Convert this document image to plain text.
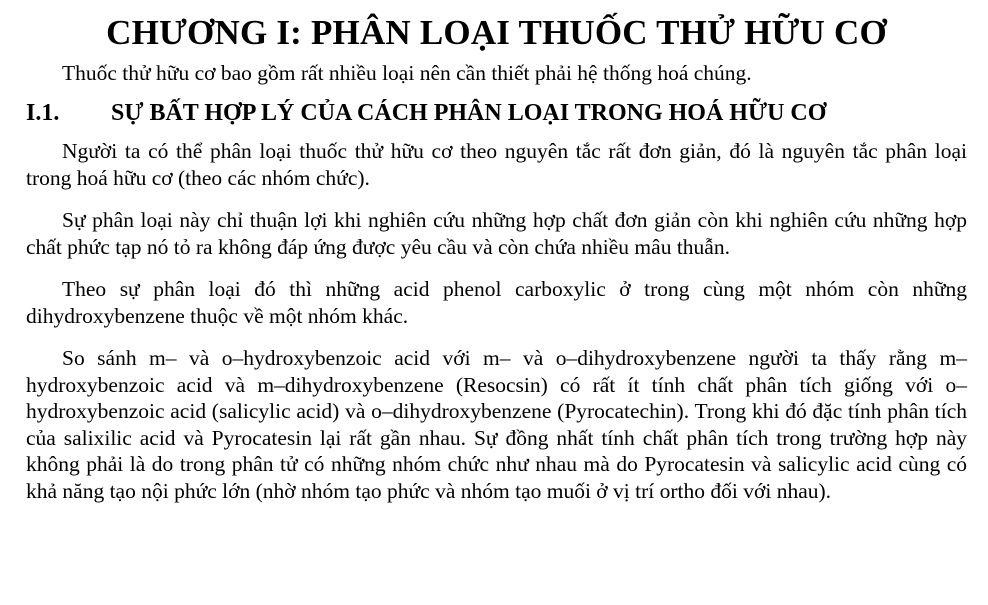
CHƯƠNG I: PHÂN LOẠI THUỐC THỬ HỮU CƠ

Thuốc thử hữu cơ bao gồm rất nhiều loại nên cần thiết phải hệ thống hoá chúng.

I.1.	SỰ BẤT HỢP LÝ CỦA CÁCH PHÂN LOẠI TRONG HOÁ HỮU CƠ

Người ta có thể phân loại thuốc thử hữu cơ theo nguyên tắc rất đơn giản, đó là nguyên tắc phân loại trong hoá hữu cơ (theo các nhóm chức).

Sự phân loại này chỉ thuận lợi khi nghiên cứu những hợp chất đơn giản còn khi nghiên cứu những hợp chất phức tạp nó tỏ ra không đáp ứng được yêu cầu và còn chứa nhiều mâu thuẫn.

Theo sự phân loại đó thì những acid phenol carboxylic ở trong cùng một nhóm còn những dihydroxybenzene thuộc về một nhóm khác.

So sánh m– và o–hydroxybenzoic acid với m– và o–dihydroxybenzene người ta thấy rằng m–hydroxybenzoic acid và m–dihydroxybenzene (Resocsin) có rất ít tính chất phân tích giống với o–hydroxybenzoic acid (salicylic acid) và o–dihydroxybenzene (Pyrocatechin). Trong khi đó đặc tính phân tích của salixilic acid và Pyrocatesin lại rất gần nhau. Sự đồng nhất tính chất phân tích trong trường hợp này không phải là do trong phân tử có những nhóm chức như nhau mà do Pyrocatesin và salicylic acid cùng có khả năng tạo nội phức lớn (nhờ nhóm tạo phức và nhóm tạo muối ở vị trí ortho đối với nhau).
